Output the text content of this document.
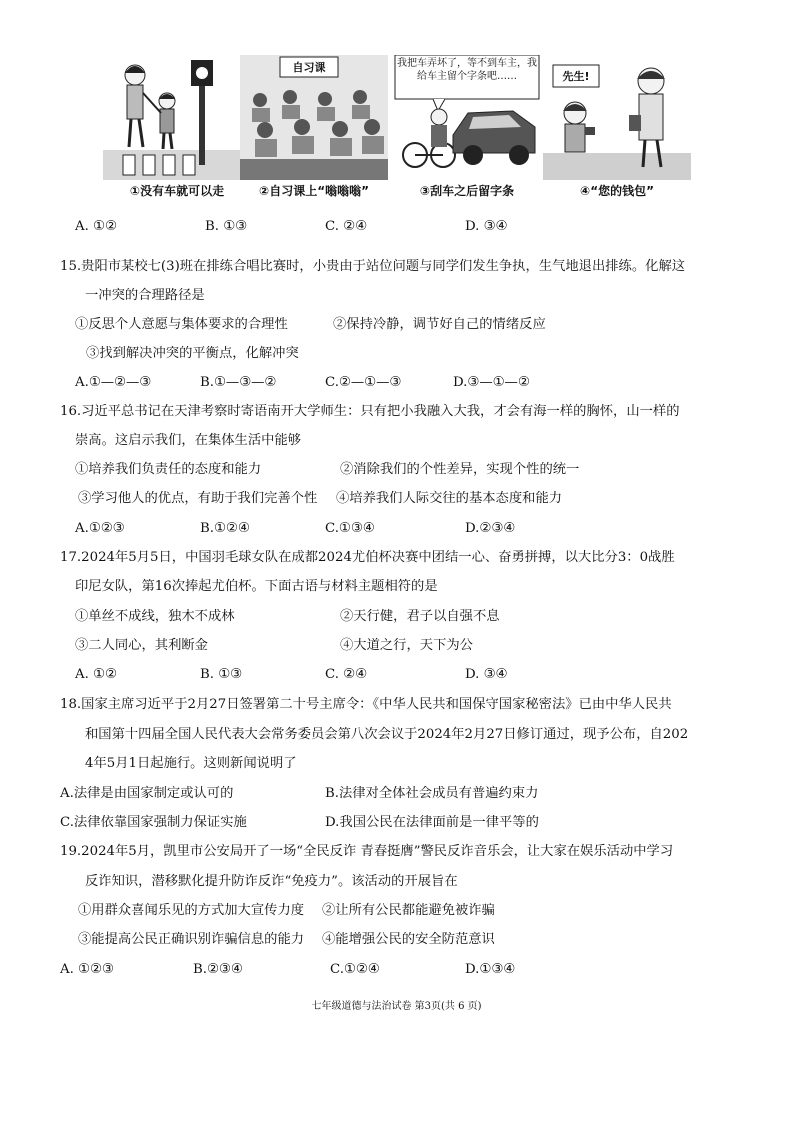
①没有车就可以走
自习课
②自习课上“嗡嗡嗡”
我把车弄坏了，等不到车主，我给车主留个字条吧……
③刮车之后留字条
先生!
④“您的钱包”
A. ①②	B. ①③	C. ②④	D. ③④
15.贵阳市某校七(3)班在排练合唱比赛时，小贵由于站位问题与同学们发生争执，生气地退出排练。化解这
一冲突的合理路径是
①反思个人意愿与集体要求的合理性	②保持冷静，调节好自己的情绪反应
③找到解决冲突的平衡点，化解冲突
A.①—②—③	B.①—③—②	C.②—①—③	D.③—①—②
16.习近平总书记在天津考察时寄语南开大学师生：只有把小我融入大我，才会有海一样的胸怀，山一样的
崇高。这启示我们，在集体生活中能够
①培养我们负责任的态度和能力	②消除我们的个性差异，实现个性的统一
③学习他人的优点，有助于我们完善个性 ④培养我们人际交往的基本态度和能力
A.①②③	B.①②④	C.①③④	D.②③④
17.2024年5月5日，中国羽毛球女队在成都2024尤伯杯决赛中团结一心、奋勇拼搏，以大比分3：0战胜
印尼女队，第16次捧起尤伯杯。下面古语与材料主题相符的是
①单丝不成线，独木不成林	②天行健，君子以自强不息
③二人同心，其利断金	④大道之行，天下为公
A. ①②	B. ①③	C. ②④	D. ③④
18.国家主席习近平于2月27日签署第二十号主席令：《中华人民共和国保守国家秘密法》已由中华人民共
和国第十四届全国人民代表大会常务委员会第八次会议于2024年2月27日修订通过，现予公布，自202
4年5月1日起施行。这则新闻说明了
A.法律是由国家制定或认可的	B.法律对全体社会成员有普遍约束力
C.法律依靠国家强制力保证实施	D.我国公民在法律面前是一律平等的
19.2024年5月，凯里市公安局开了一场“全民反诈 青春挺膺”警民反诈音乐会，让大家在娱乐活动中学习
反诈知识，潜移默化提升防诈反诈“免疫力”。该活动的开展旨在
①用群众喜闻乐见的方式加大宣传力度 ②让所有公民都能避免被诈骗
③能提高公民正确识别诈骗信息的能力 ④能增强公民的安全防范意识
A. ①②③	B.②③④	C.①②④	D.①③④
七年级道德与法治试卷 第3页(共 6 页)
